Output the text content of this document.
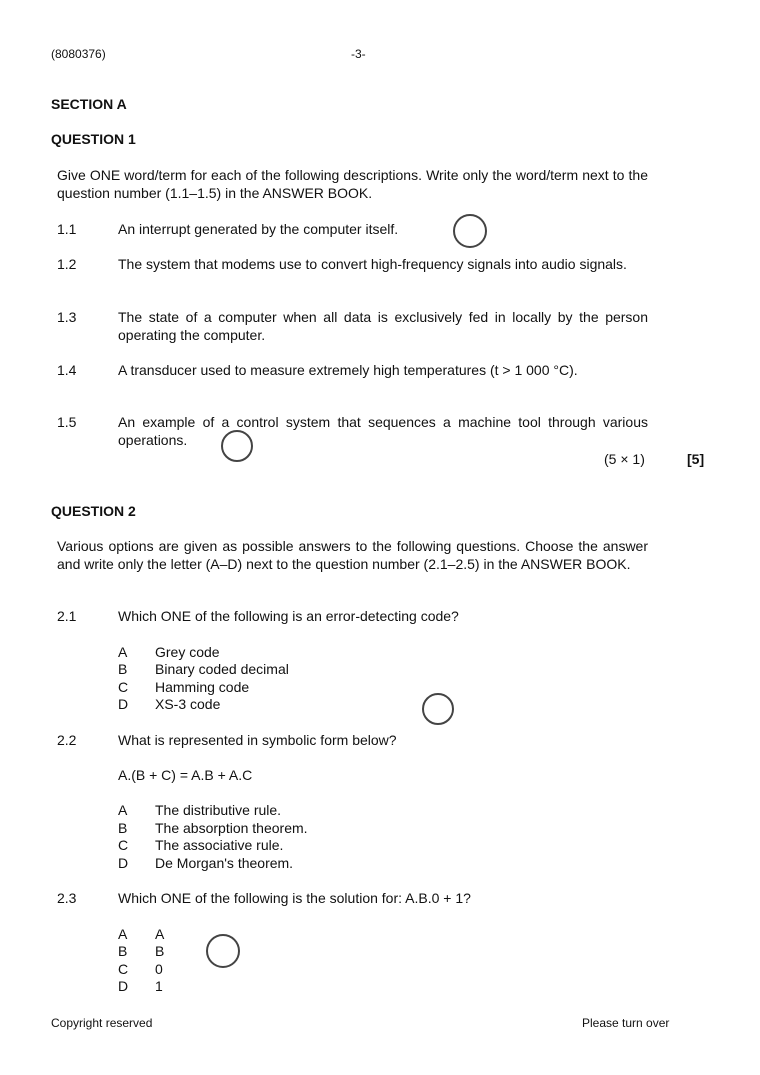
(8080376)	-3-
SECTION A
QUESTION 1
Give ONE word/term for each of the following descriptions. Write only the word/term next to the question number (1.1–1.5) in the ANSWER BOOK.
1.1	An interrupt generated by the computer itself.
1.2	The system that modems use to convert high-frequency signals into audio signals.
1.3	The state of a computer when all data is exclusively fed in locally by the person operating the computer.
1.4	A transducer used to measure extremely high temperatures (t > 1 000 °C).
1.5	An example of a control system that sequences a machine tool through various operations.
(5 × 1)	[5]
QUESTION 2
Various options are given as possible answers to the following questions. Choose the answer and write only the letter (A–D) next to the question number (2.1–2.5) in the ANSWER BOOK.
2.1	Which ONE of the following is an error-detecting code?
A Grey code
B Binary coded decimal
C Hamming code
D XS-3 code
2.2	What is represented in symbolic form below?
A.(B + C) = A.B + A.C
A The distributive rule.
B The absorption theorem.
C The associative rule.
D De Morgan's theorem.
2.3	Which ONE of the following is the solution for: A.B.0 + 1?
A A
B B
C 0
D 1
Copyright reserved	Please turn over
